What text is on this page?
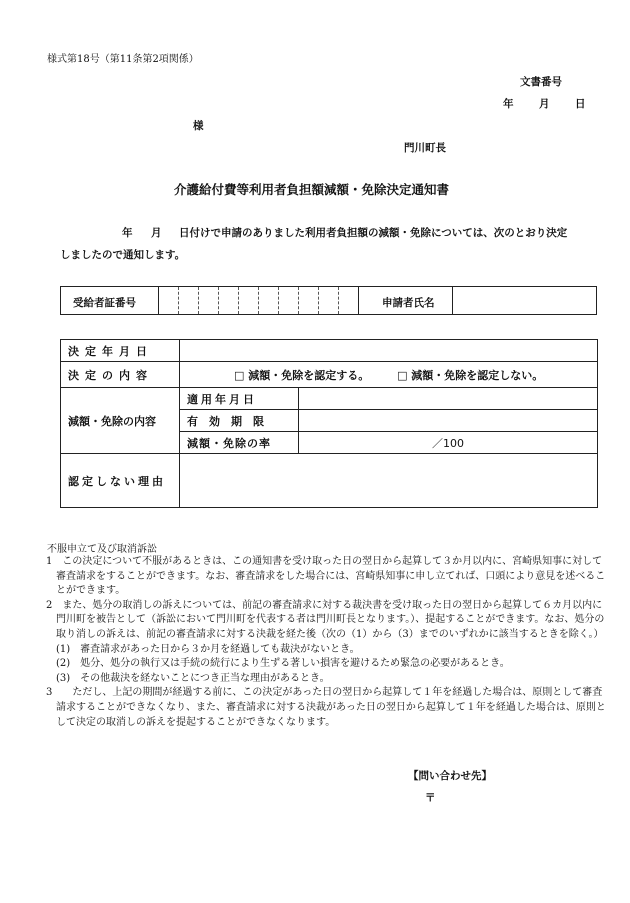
様式第18号（第11条第2項関係）
文書番号
年 月 日
様
門川町長
介護給付費等利用者負担額減額・免除決定通知書
年 月 日付けで申請のありました利用者負担額の減額・免除については、次のとおり決定
しましたので通知します。
受給者証番号	申請者氏名
決定年月日		
決定の内容	□ 減額・免除を認定する。 □ 減額・免除を認定しない。	
減額・免除の内容	適用年月日	
	有効期限	
	減額・免除の率	／100
認定しない理由		
不服申立て及び取消訴訟
1　この決定について不服があるときは、この通知書を受け取った日の翌日から起算して３か月以内に、宮崎県知事に対して審査請求をすることができます。なお、審査請求をした場合には、宮崎県知事に申し立てれば、口頭により意見を述べることができます。
2　また、処分の取消しの訴えについては、前記の審査請求に対する裁決書を受け取った日の翌日から起算して６カ月以内に門川町を被告として（訴訟において門川町を代表する者は門川町長となります。）、提起することができます。なお、処分の取り消しの訴えは、前記の審査請求に対する決裁を経た後（次の（1）から（3）までのいずれかに該当するときを除く。）
(1)　審査請求があった日から３か月を経過しても裁決がないとき。
(2)　処分、処分の執行又は手続の続行により生ずる著しい損害を避けるため緊急の必要があるとき。
(3)　その他裁決を経ないことにつき正当な理由があるとき。
3　　ただし、上記の期間が経過する前に、この決定があった日の翌日から起算して１年を経過した場合は、原則として審査請求することができなくなり、また、審査請求に対する決裁があった日の翌日から起算して１年を経過した場合は、原則として決定の取消しの訴えを提起することができなくなります。
【問い合わせ先】
〒
